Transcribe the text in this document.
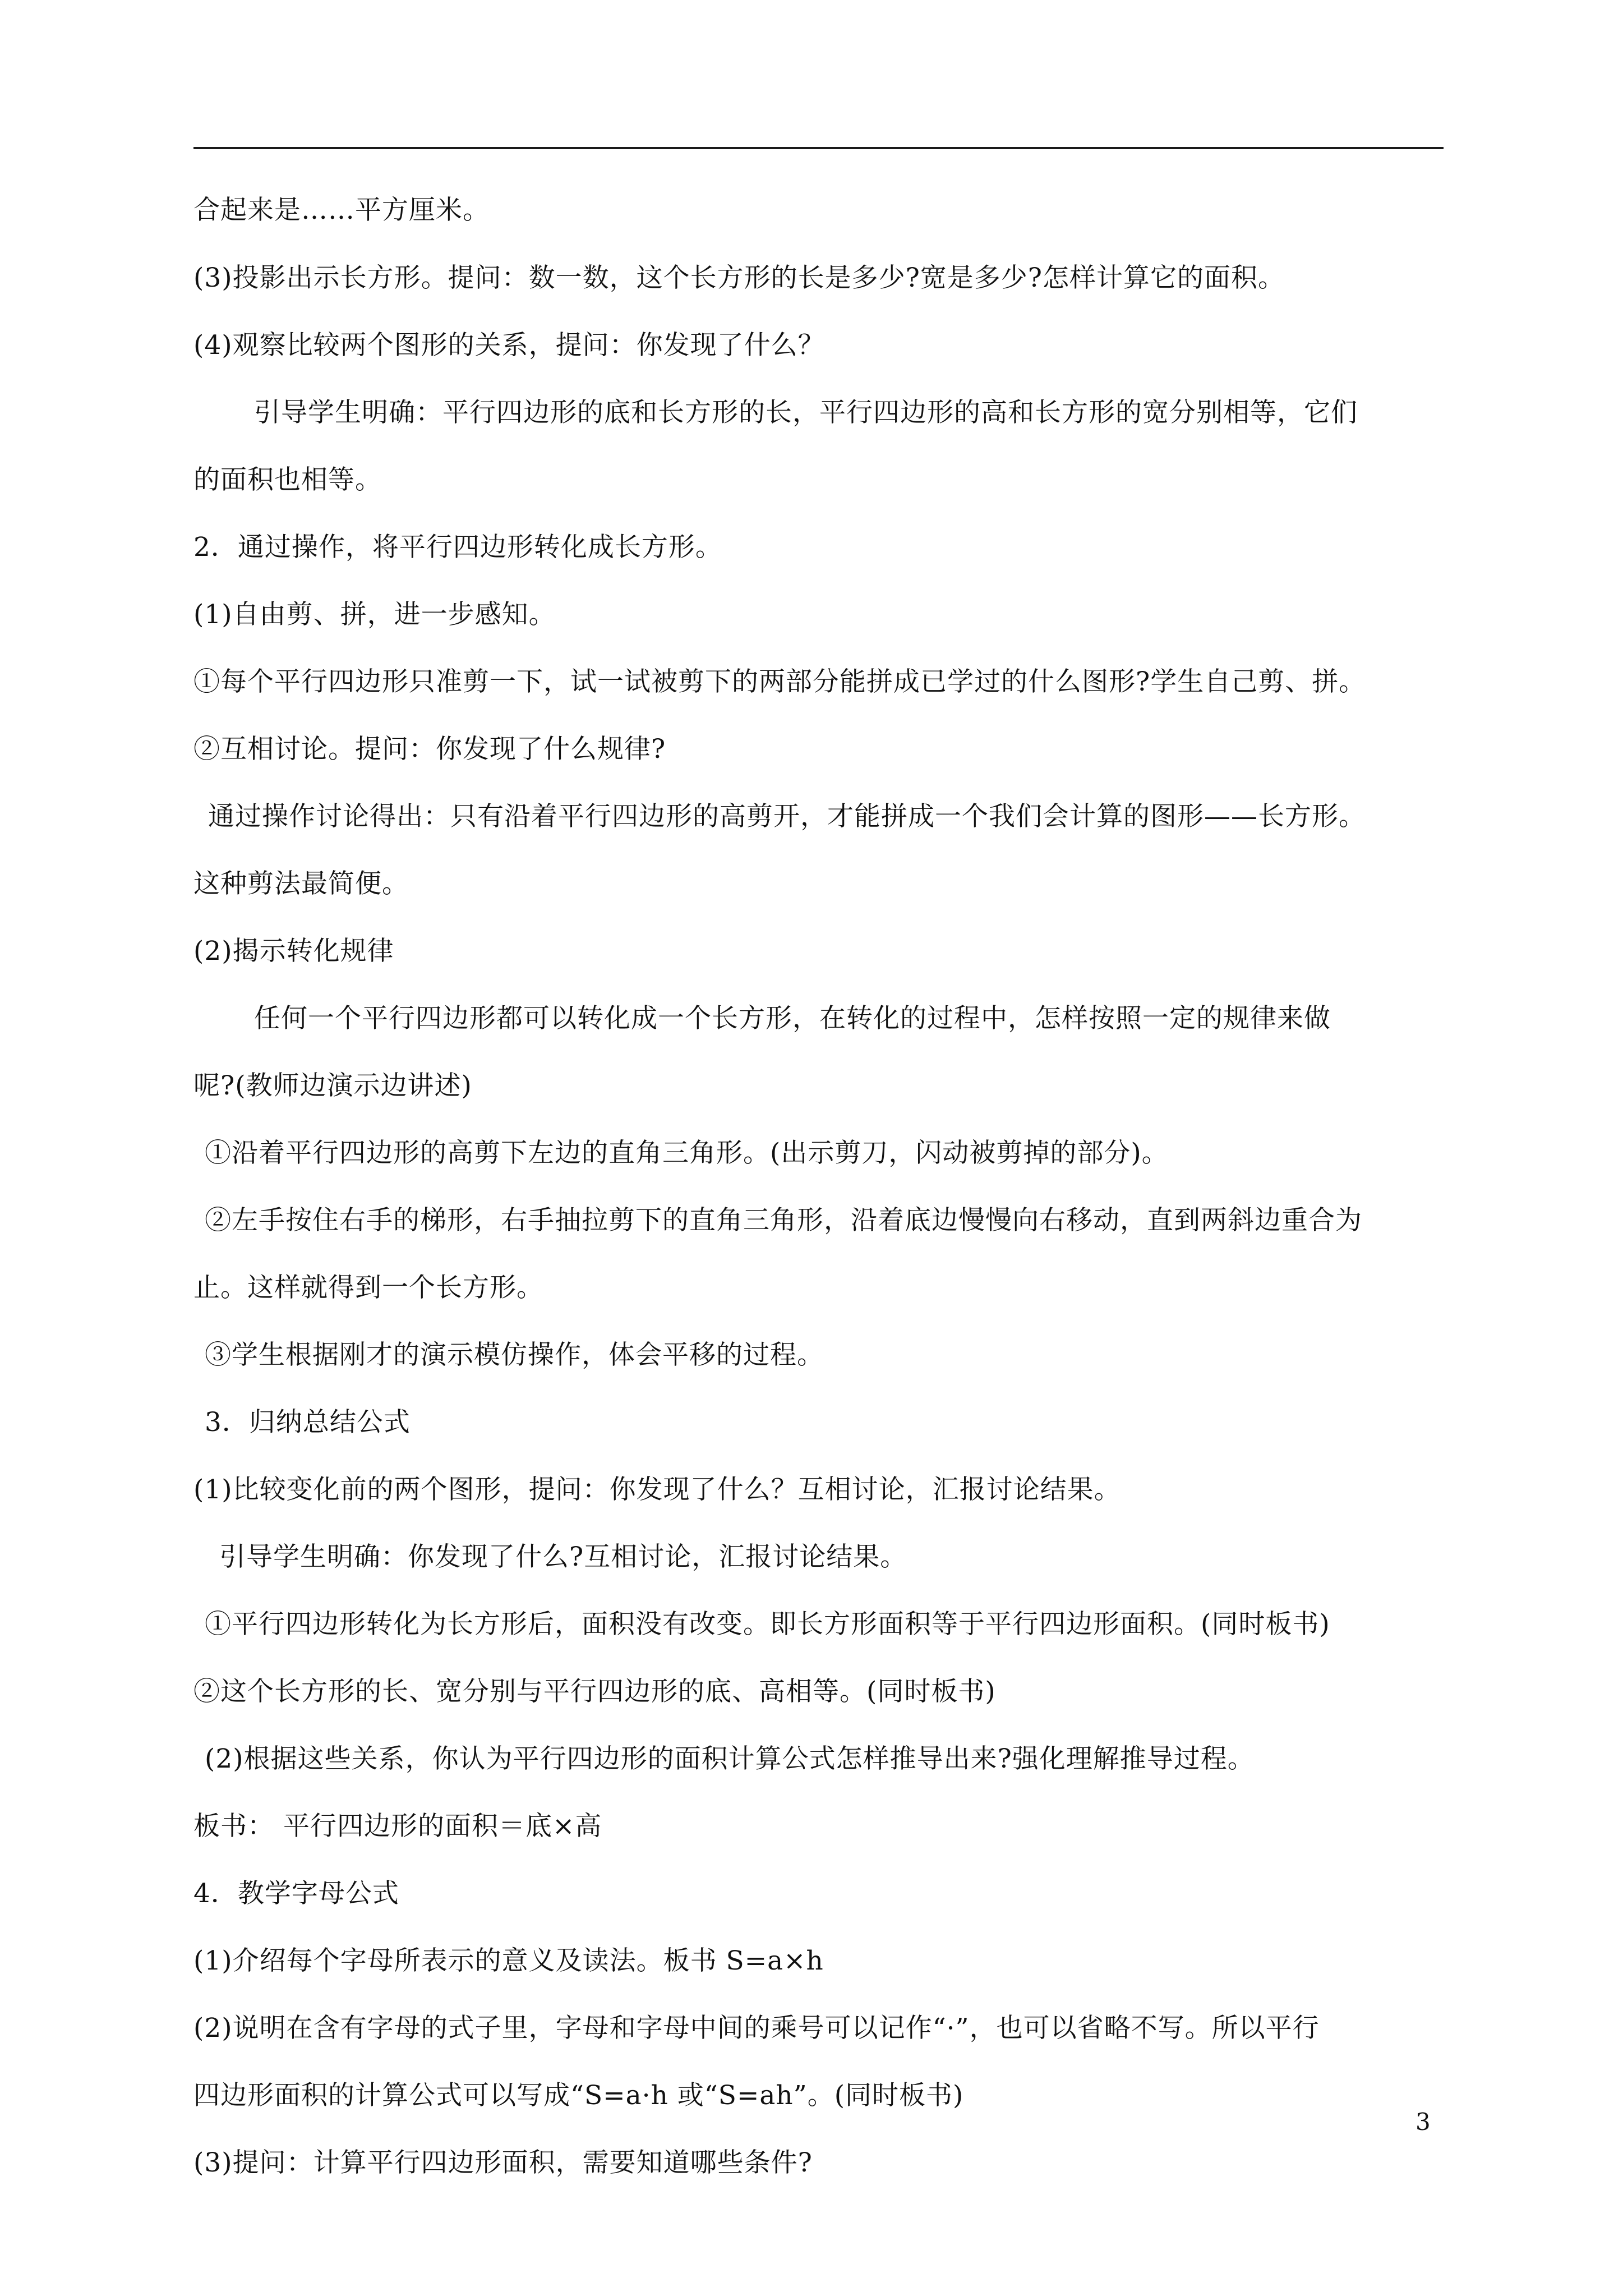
合起来是……平方厘米。
(3)投影出示长方形。提问：数一数，这个长方形的长是多少?宽是多少?怎样计算它的面积。
(4)观察比较两个图形的关系，提问：你发现了什么？
引导学生明确：平行四边形的底和长方形的长，平行四边形的高和长方形的宽分别相等，它们
的面积也相等。
2．通过操作，将平行四边形转化成长方形。
(1)自由剪、拼，进一步感知。
①每个平行四边形只准剪一下，试一试被剪下的两部分能拼成已学过的什么图形?学生自己剪、拼。
②互相讨论。提问：你发现了什么规律?
通过操作讨论得出：只有沿着平行四边形的高剪开，才能拼成一个我们会计算的图形——长方形。
这种剪法最简便。
(2)揭示转化规律
任何一个平行四边形都可以转化成一个长方形，在转化的过程中，怎样按照一定的规律来做
呢?(教师边演示边讲述)
①沿着平行四边形的高剪下左边的直角三角形。(出示剪刀，闪动被剪掉的部分)。
②左手按住右手的梯形，右手抽拉剪下的直角三角形，沿着底边慢慢向右移动，直到两斜边重合为
止。这样就得到一个长方形。
③学生根据刚才的演示模仿操作，体会平移的过程。
3．归纳总结公式
(1)比较变化前的两个图形，提问：你发现了什么？互相讨论，汇报讨论结果。
引导学生明确：你发现了什么?互相讨论，汇报讨论结果。
①平行四边形转化为长方形后，面积没有改变。即长方形面积等于平行四边形面积。(同时板书)
②这个长方形的长、宽分别与平行四边形的底、高相等。(同时板书)
(2)根据这些关系，你认为平行四边形的面积计算公式怎样推导出来?强化理解推导过程。
板书： 平行四边形的面积＝底×高
4．教学字母公式
(1)介绍每个字母所表示的意义及读法。板书 S=a×h
(2)说明在含有字母的式子里，字母和字母中间的乘号可以记作“·”，也可以省略不写。所以平行
四边形面积的计算公式可以写成“S=a·h 或“S=ah”。(同时板书)
(3)提问：计算平行四边形面积，需要知道哪些条件?
3
